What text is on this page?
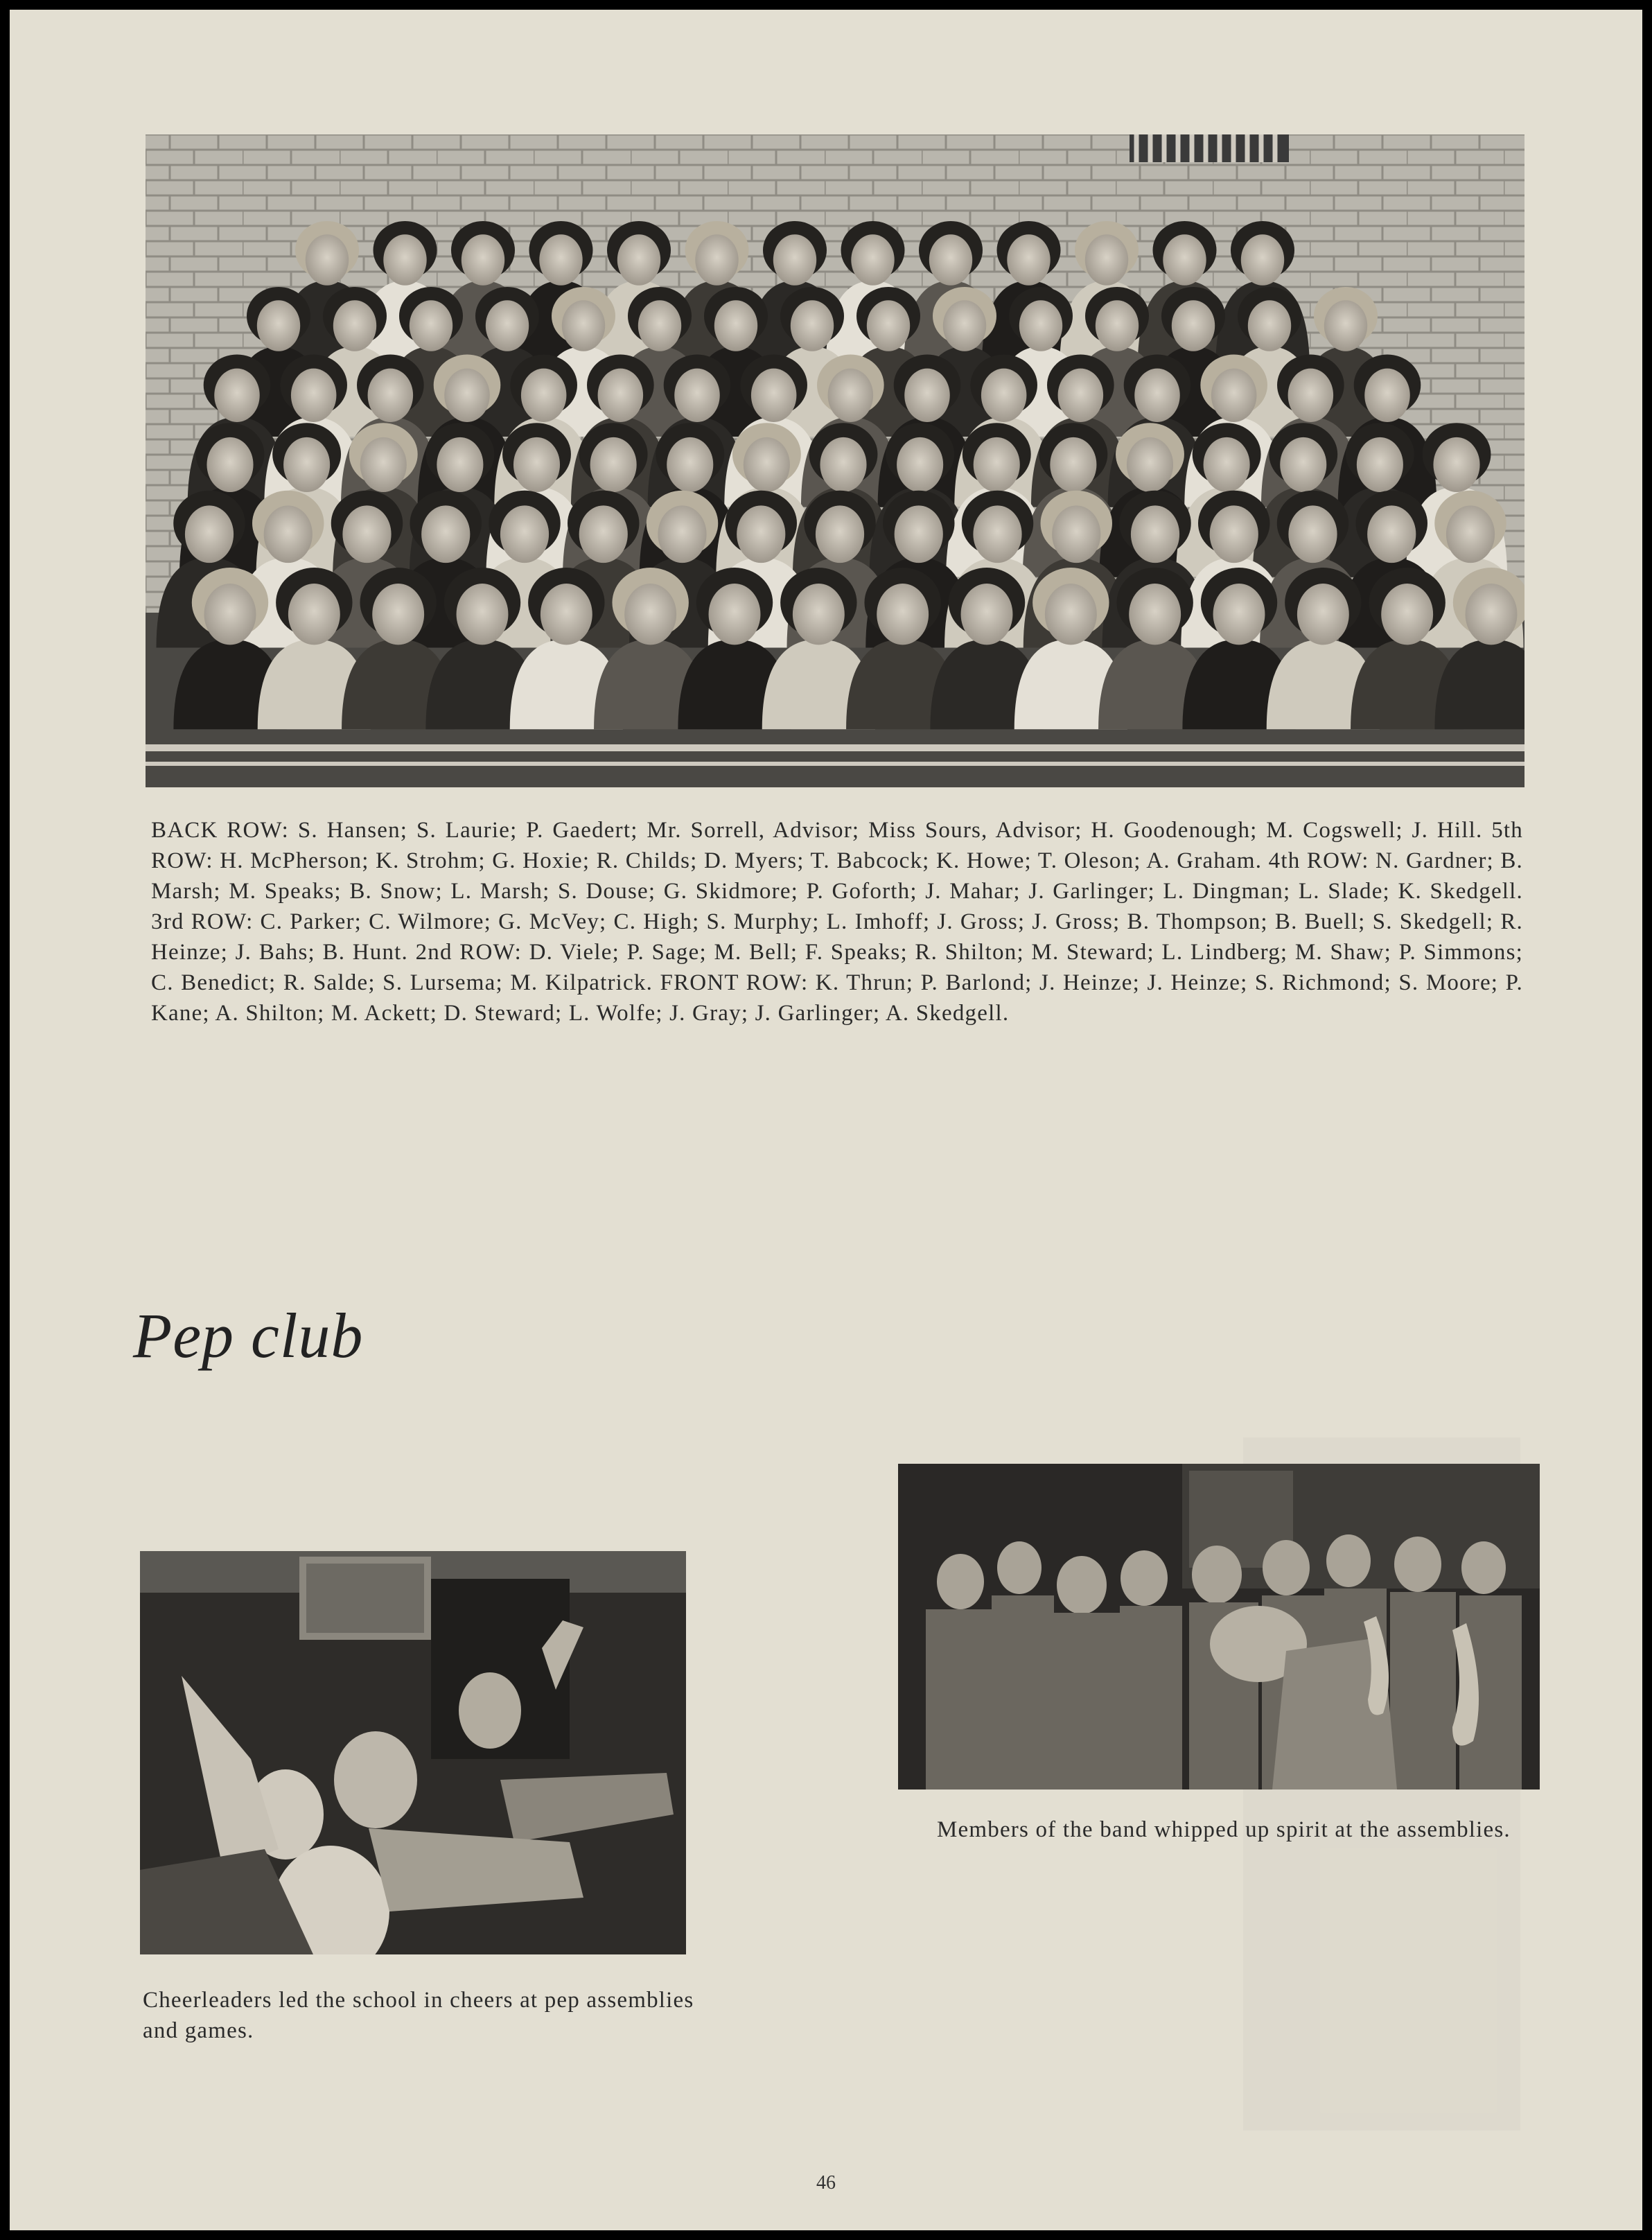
BACK ROW: S. Hansen; S. Laurie; P. Gaedert; Mr. Sorrell, Advisor; Miss Sours, Advisor; H. Goodenough; M. Cogswell; J. Hill. 5th ROW: H. McPherson; K. Strohm; G. Hoxie; R. Childs; D. Myers; T. Babcock; K. Howe; T. Oleson; A. Graham. 4th ROW: N. Gardner; B. Marsh; M. Speaks; B. Snow; L. Marsh; S. Douse; G. Skidmore; P. Goforth; J. Mahar; J. Garlinger; L. Dingman; L. Slade; K. Skedgell. 3rd ROW: C. Parker; C. Wilmore; G. McVey; C. High; S. Murphy; L. Imhoff; J. Gross; J. Gross; B. Thompson; B. Buell; S. Skedgell; R. Heinze; J. Bahs; B. Hunt. 2nd ROW: D. Viele; P. Sage; M. Bell; F. Speaks; R. Shilton; M. Steward; L. Lindberg; M. Shaw; P. Simmons; C. Benedict; R. Salde; S. Lursema; M. Kilpatrick. FRONT ROW: K. Thrun; P. Barlond; J. Heinze; J. Heinze; S. Richmond; S. Moore; P. Kane; A. Shilton; M. Ackett; D. Steward; L. Wolfe; J. Gray; J. Garlinger; A. Skedgell.

Pep club

Cheerleaders led the school in cheers at pep assemblies and games.

Members of the band whipped up spirit at the assemblies.

46
